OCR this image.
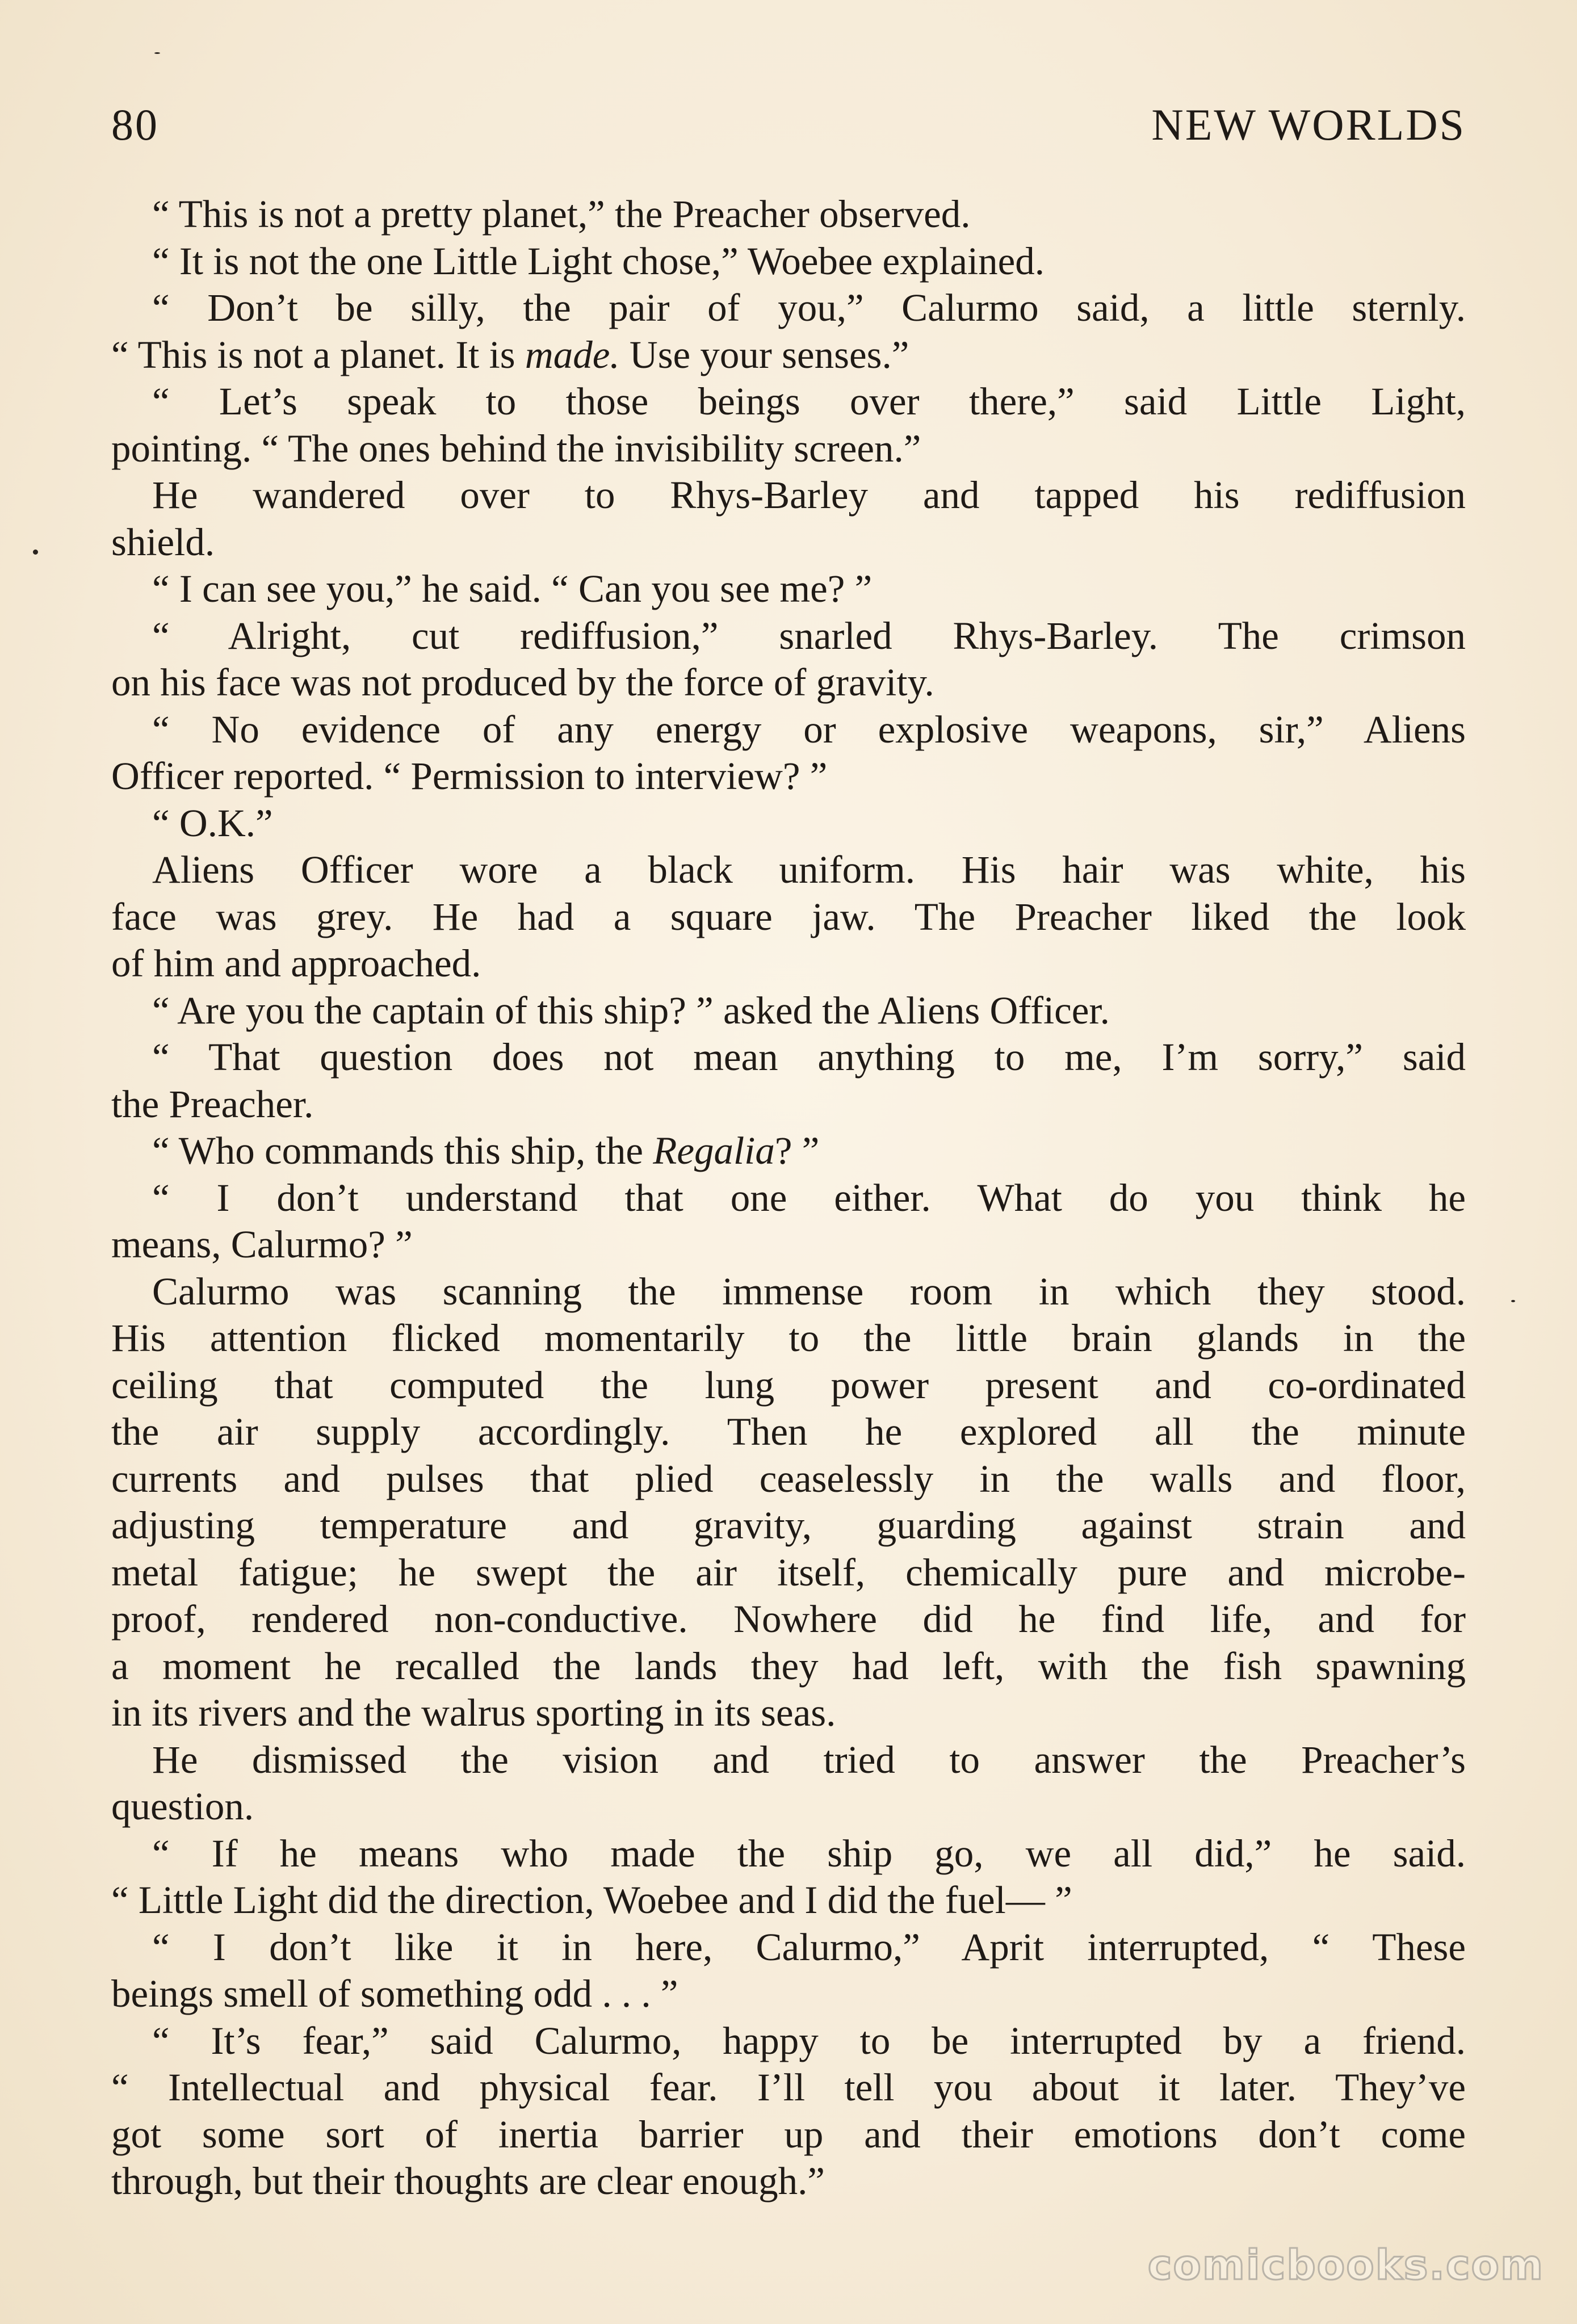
80	NEW WORLDS
“ This is not a pretty planet,” the Preacher observed.
“ It is not the one Little Light chose,” Woebee explained.
“ Don’t be silly, the pair of you,” Calurmo said, a little sternly.
“ This is not a planet. It is made. Use your senses.”
“ Let’s speak to those beings over there,” said Little Light,
pointing. “ The ones behind the invisibility screen.”
He wandered over to Rhys-Barley and tapped his rediffusion
shield.
“ I can see you,” he said. “ Can you see me? ”
“ Alright, cut rediffusion,” snarled Rhys-Barley. The crimson
on his face was not produced by the force of gravity.
“ No evidence of any energy or explosive weapons, sir,” Aliens
Officer reported. “ Permission to interview? ”
“ O.K.”
Aliens Officer wore a black uniform. His hair was white, his
face was grey. He had a square jaw. The Preacher liked the look
of him and approached.
“ Are you the captain of this ship? ” asked the Aliens Officer.
“ That question does not mean anything to me, I’m sorry,” said
the Preacher.
“ Who commands this ship, the Regalia? ”
“ I don’t understand that one either. What do you think he
means, Calurmo? ”
Calurmo was scanning the immense room in which they stood.
His attention flicked momentarily to the little brain glands in the
ceiling that computed the lung power present and co-ordinated
the air supply accordingly. Then he explored all the minute
currents and pulses that plied ceaselessly in the walls and floor,
adjusting temperature and gravity, guarding against strain and
metal fatigue; he swept the air itself, chemically pure and microbe-
proof, rendered non-conductive. Nowhere did he find life, and for
a moment he recalled the lands they had left, with the fish spawning
in its rivers and the walrus sporting in its seas.
He dismissed the vision and tried to answer the Preacher’s
question.
“ If he means who made the ship go, we all did,” he said.
“ Little Light did the direction, Woebee and I did the fuel— ”
“ I don’t like it in here, Calurmo,” Aprit interrupted, “ These
beings smell of something odd . . . ”
“ It’s fear,” said Calurmo, happy to be interrupted by a friend.
“ Intellectual and physical fear. I’ll tell you about it later. They’ve
got some sort of inertia barrier up and their emotions don’t come
through, but their thoughts are clear enough.”
comicbooks.com
